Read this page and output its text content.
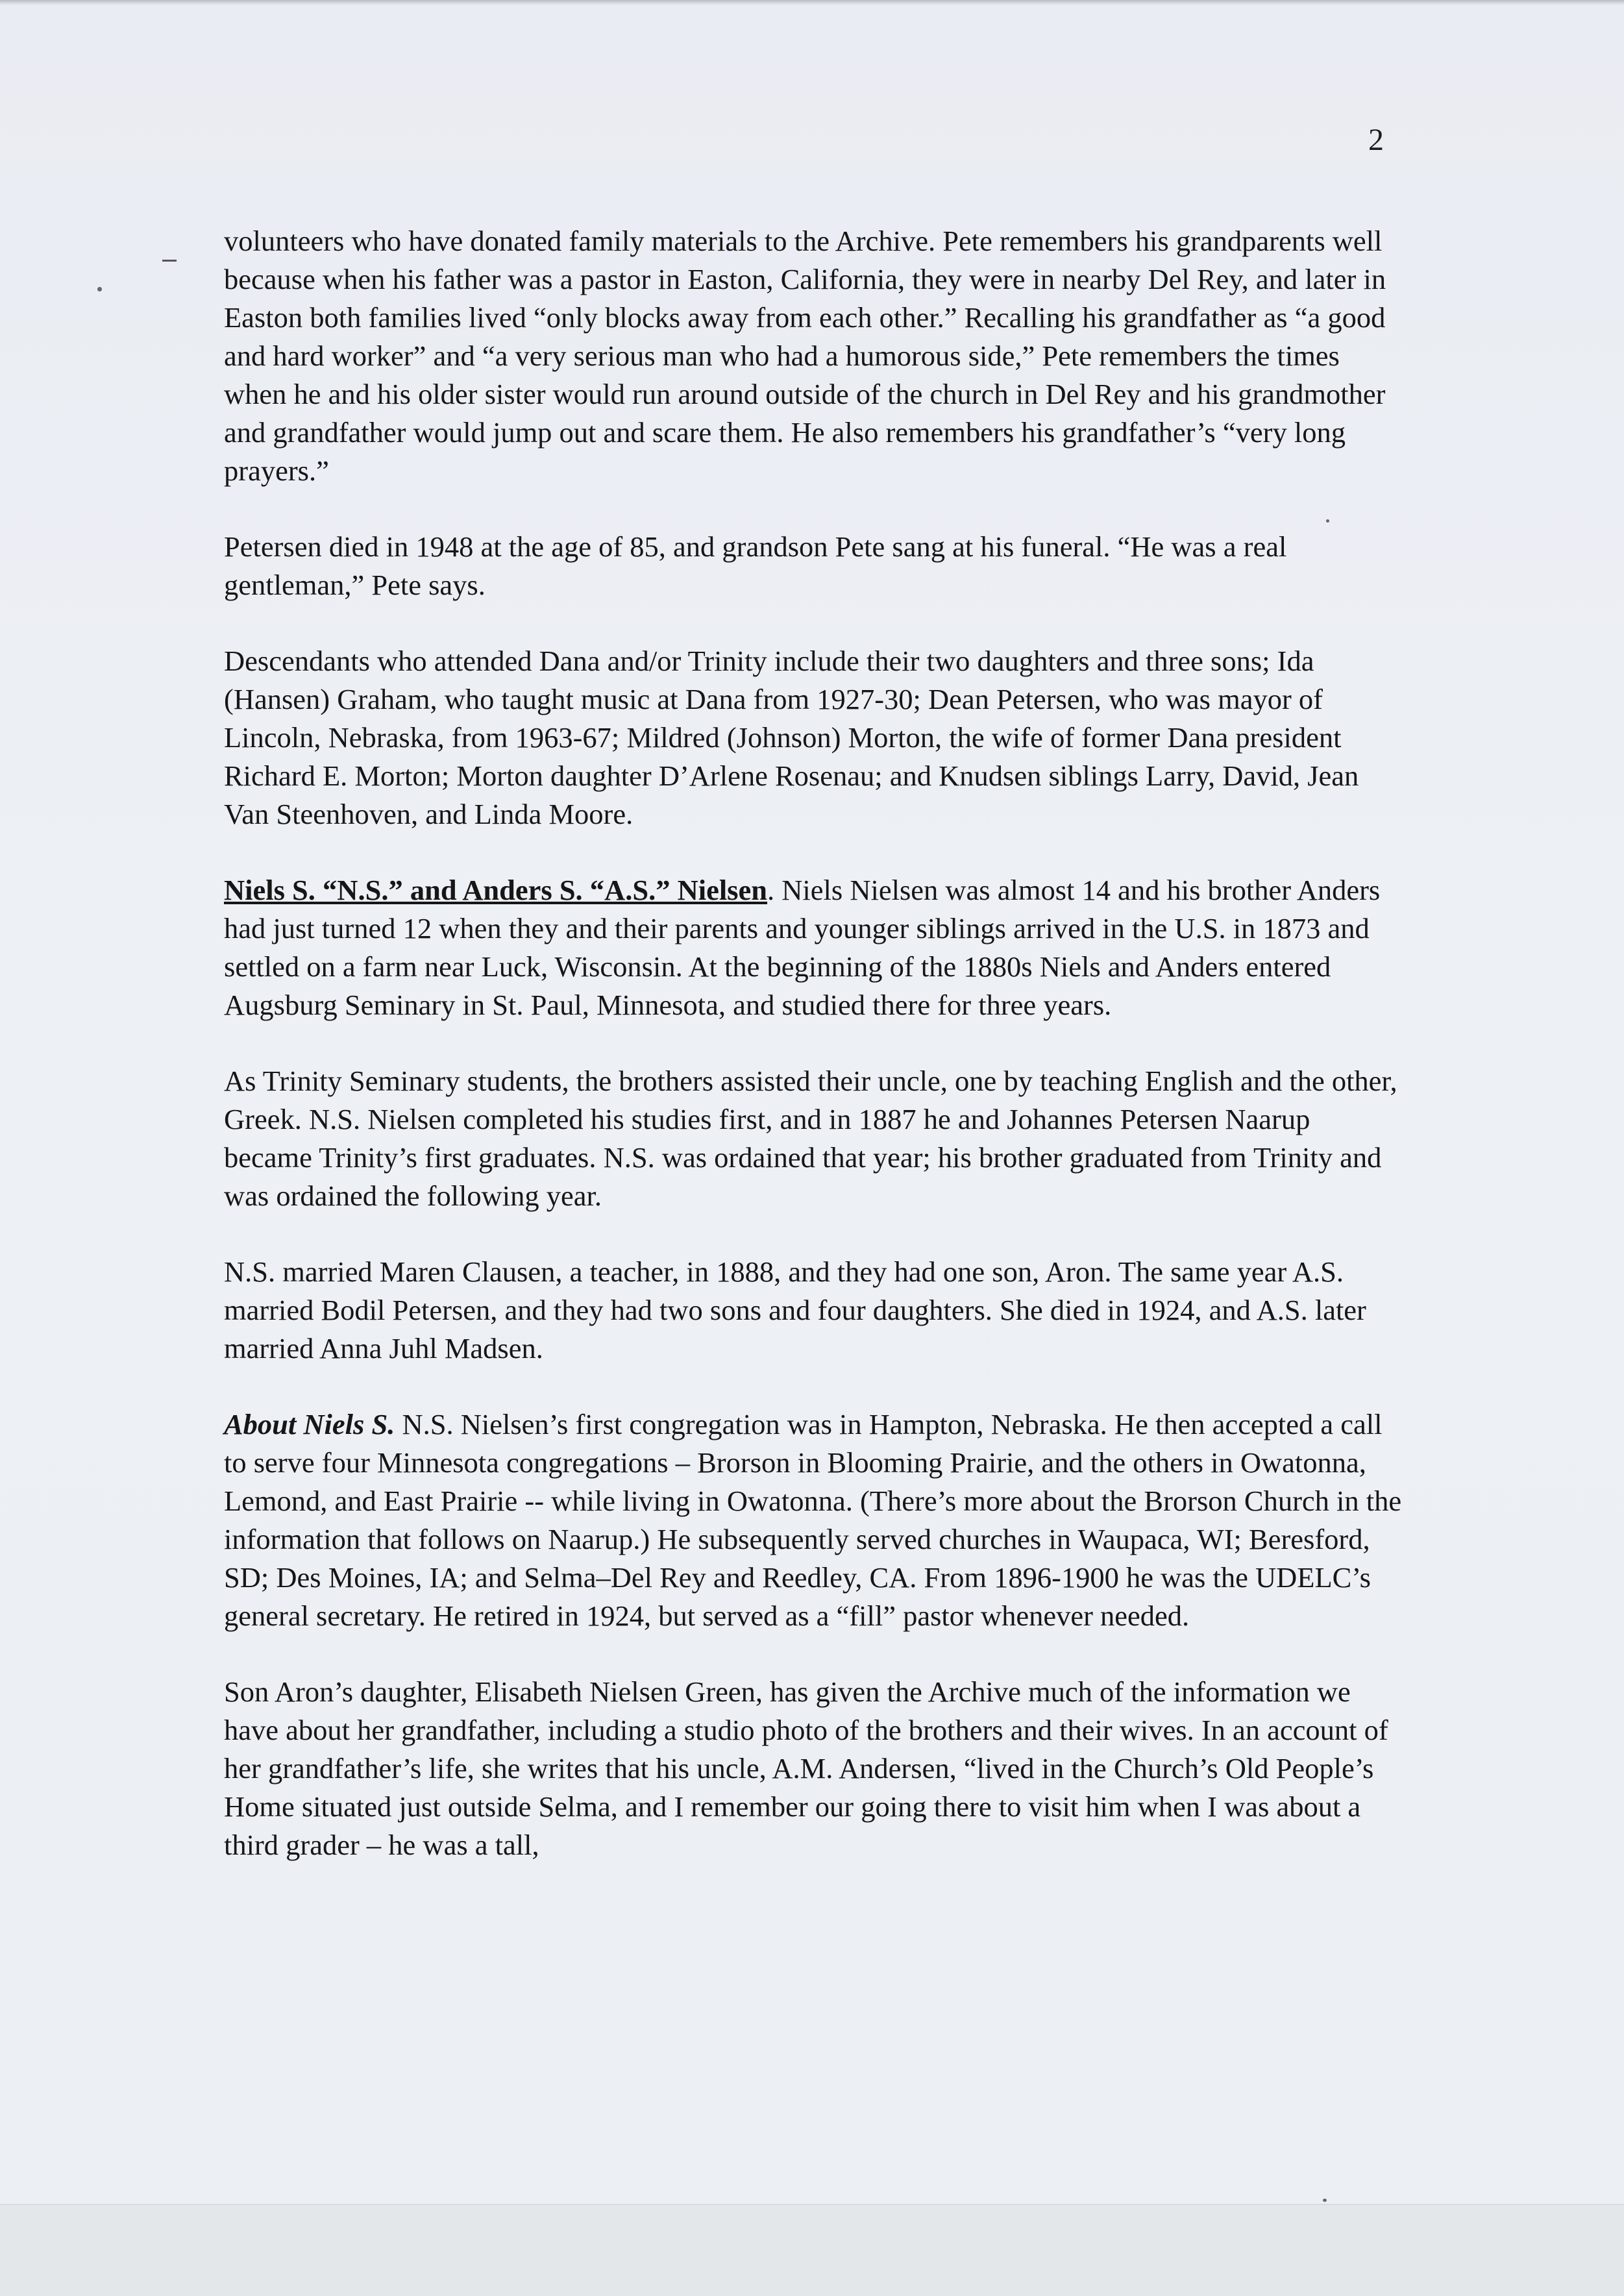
2

volunteers who have donated family materials to the Archive. Pete remembers his grandparents well because when his father was a pastor in Easton, California, they were in nearby Del Rey, and later in Easton both families lived “only blocks away from each other.” Recalling his grandfather as “a good and hard worker” and “a very serious man who had a humorous side,” Pete remembers the times when he and his older sister would run around outside of the church in Del Rey and his grandmother and grandfather would jump out and scare them. He also remembers his grandfather’s “very long prayers.”

Petersen died in 1948 at the age of 85, and grandson Pete sang at his funeral. “He was a real gentleman,” Pete says.

Descendants who attended Dana and/or Trinity include their two daughters and three sons; Ida (Hansen) Graham, who taught music at Dana from 1927-30; Dean Petersen, who was mayor of Lincoln, Nebraska, from 1963-67; Mildred (Johnson) Morton, the wife of former Dana president Richard E. Morton; Morton daughter D’Arlene Rosenau; and Knudsen siblings Larry, David, Jean Van Steenhoven, and Linda Moore.

Niels S. “N.S.” and Anders S. “A.S.” Nielsen. Niels Nielsen was almost 14 and his brother Anders had just turned 12 when they and their parents and younger siblings arrived in the U.S. in 1873 and settled on a farm near Luck, Wisconsin. At the beginning of the 1880s Niels and Anders entered Augsburg Seminary in St. Paul, Minnesota, and studied there for three years.

As Trinity Seminary students, the brothers assisted their uncle, one by teaching English and the other, Greek. N.S. Nielsen completed his studies first, and in 1887 he and Johannes Petersen Naarup became Trinity’s first graduates. N.S. was ordained that year; his brother graduated from Trinity and was ordained the following year.

N.S. married Maren Clausen, a teacher, in 1888, and they had one son, Aron. The same year A.S. married Bodil Petersen, and they had two sons and four daughters. She died in 1924, and A.S. later married Anna Juhl Madsen.

About Niels S. N.S. Nielsen’s first congregation was in Hampton, Nebraska. He then accepted a call to serve four Minnesota congregations – Brorson in Blooming Prairie, and the others in Owatonna, Lemond, and East Prairie -- while living in Owatonna. (There’s more about the Brorson Church in the information that follows on Naarup.) He subsequently served churches in Waupaca, WI; Beresford, SD; Des Moines, IA; and Selma–Del Rey and Reedley, CA. From 1896-1900 he was the UDELC’s general secretary. He retired in 1924, but served as a “fill” pastor whenever needed.

Son Aron’s daughter, Elisabeth Nielsen Green, has given the Archive much of the information we have about her grandfather, including a studio photo of the brothers and their wives. In an account of her grandfather’s life, she writes that his uncle, A.M. Andersen, “lived in the Church’s Old People’s Home situated just outside Selma, and I remember our going there to visit him when I was about a third grader – he was a tall,
